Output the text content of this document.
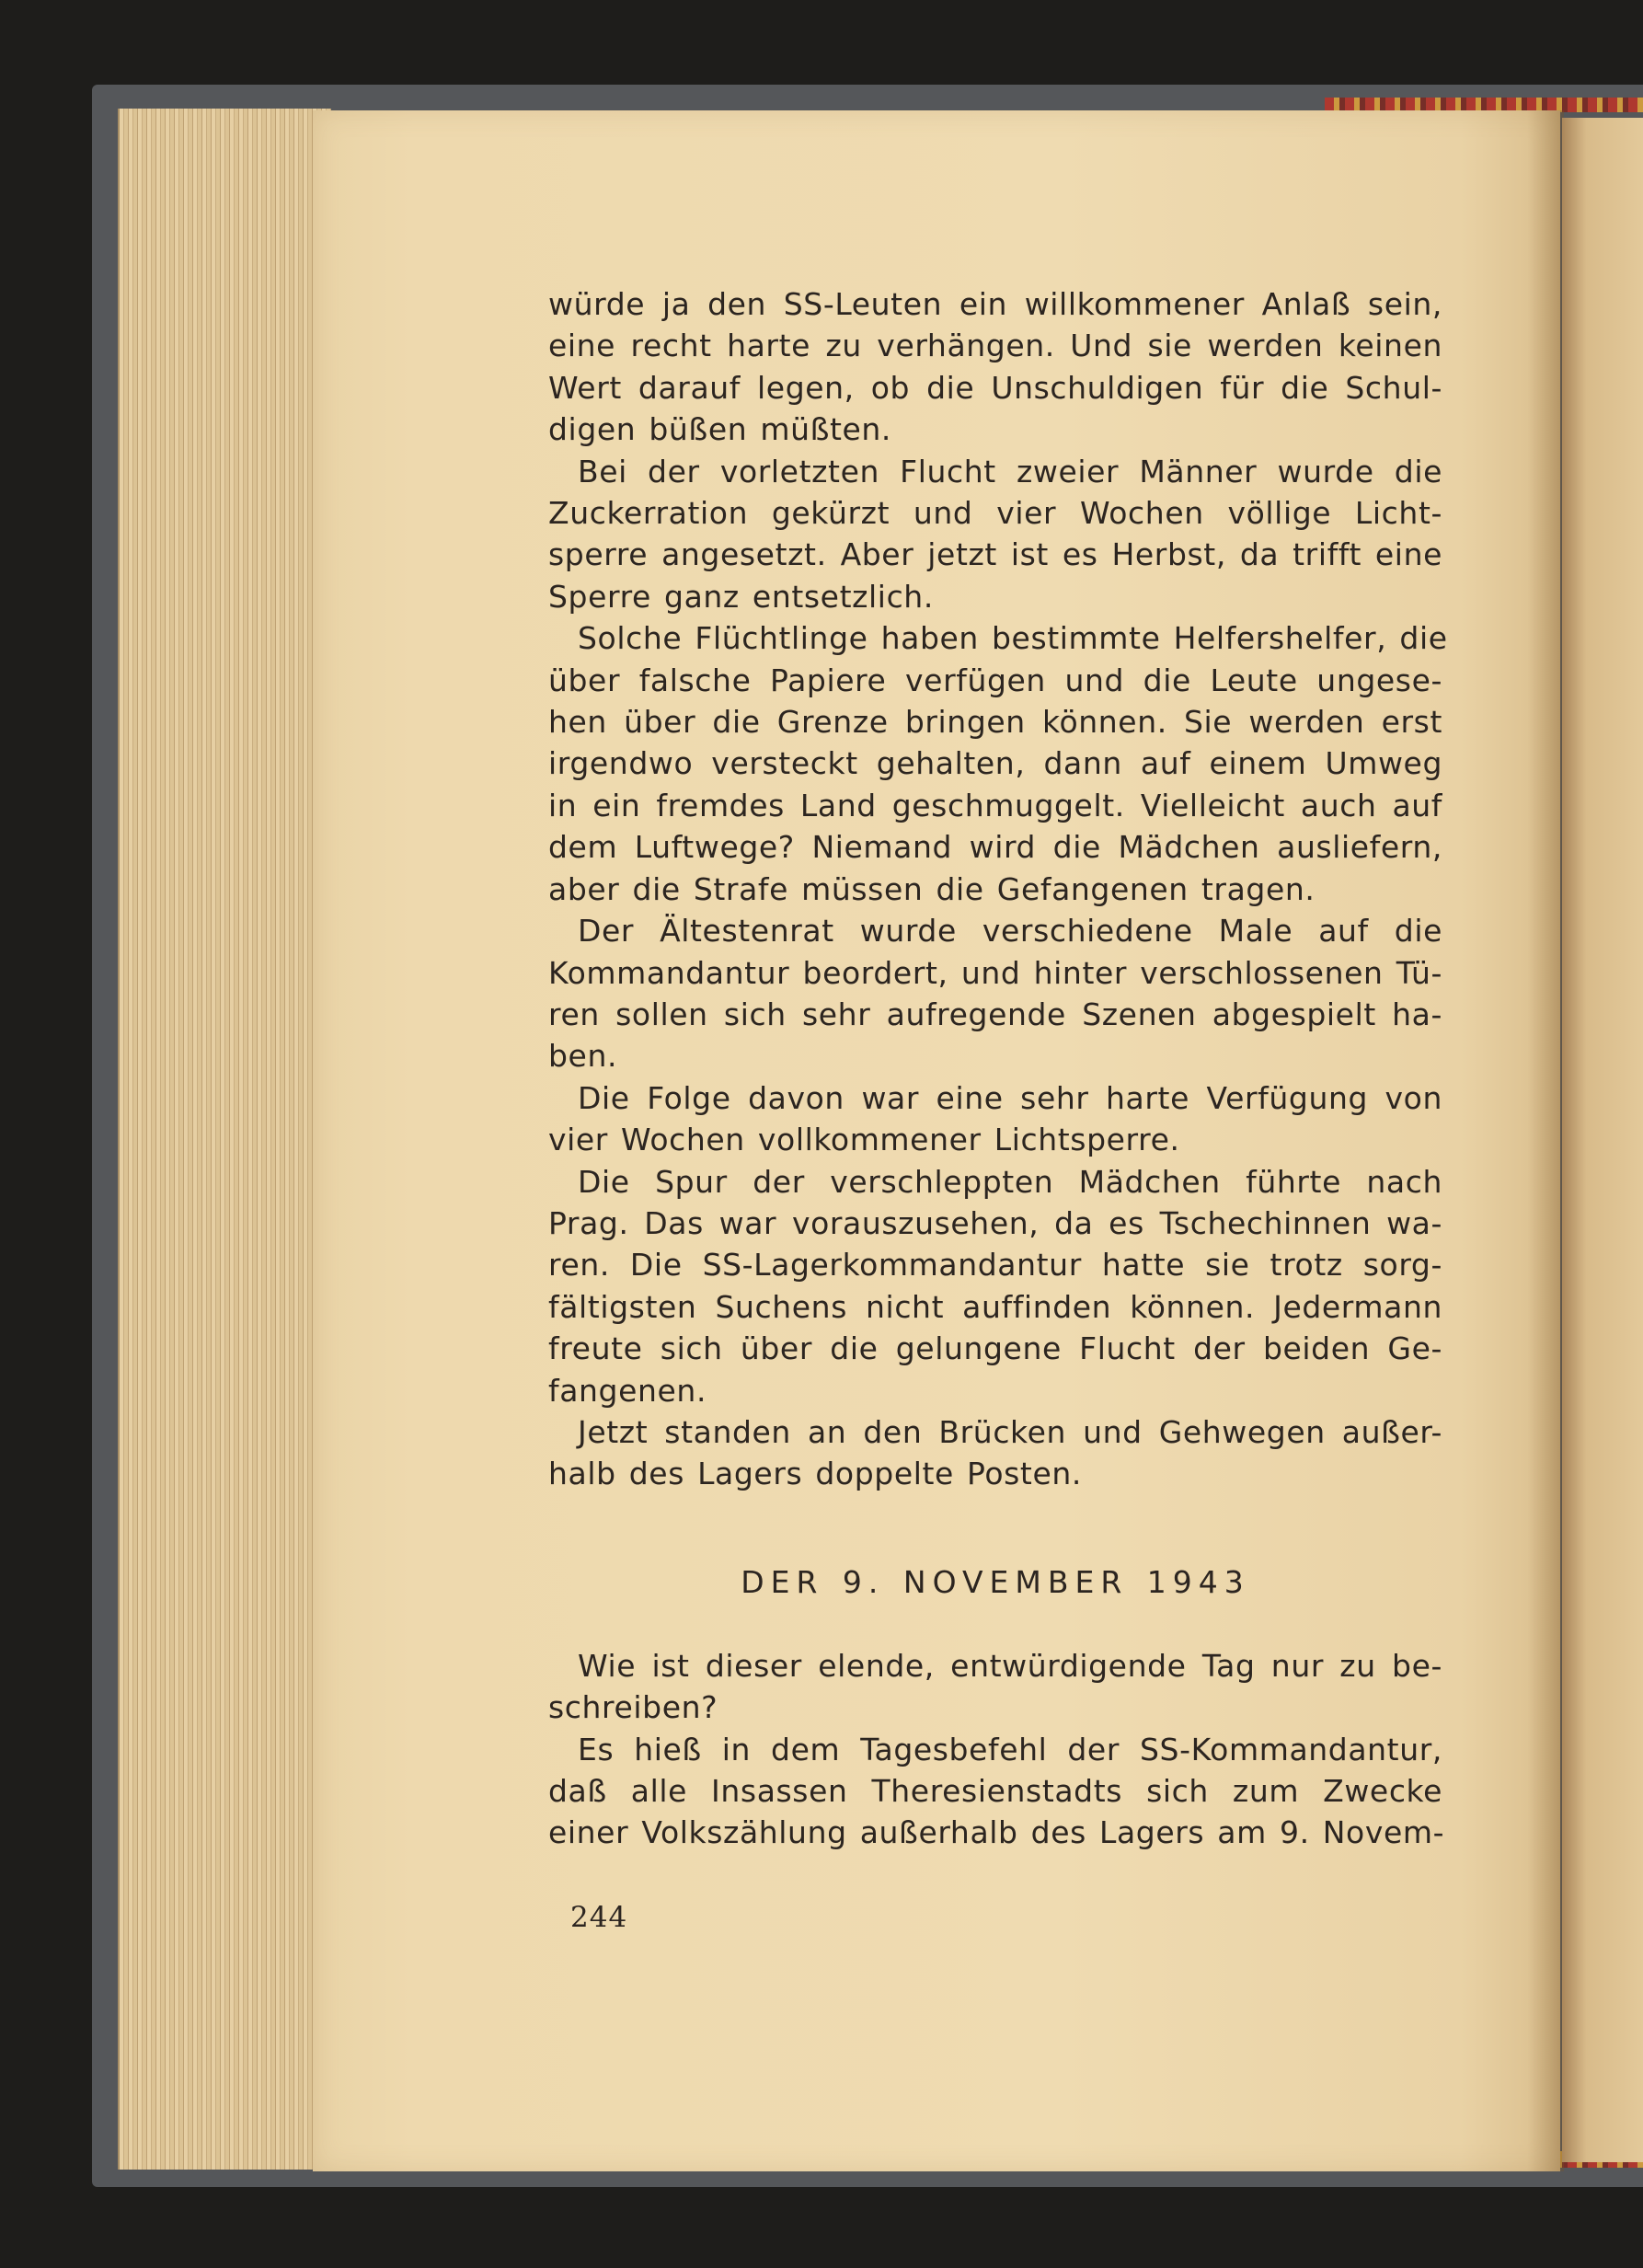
würde ja den SS-Leuten ein willkommener Anlaß sein,
eine recht harte zu verhängen. Und sie werden keinen
Wert darauf legen, ob die Unschuldigen für die Schul-
digen büßen müßten.

Bei der vorletzten Flucht zweier Männer wurde die
Zuckerration gekürzt und vier Wochen völlige Licht-
sperre angesetzt. Aber jetzt ist es Herbst, da trifft eine
Sperre ganz entsetzlich.

Solche Flüchtlinge haben bestimmte Helfershelfer, die
über falsche Papiere verfügen und die Leute ungese-
hen über die Grenze bringen können. Sie werden erst
irgendwo versteckt gehalten, dann auf einem Umweg
in ein fremdes Land geschmuggelt. Vielleicht auch auf
dem Luftwege? Niemand wird die Mädchen ausliefern,
aber die Strafe müssen die Gefangenen tragen.

Der Ältestenrat wurde verschiedene Male auf die
Kommandantur beordert, und hinter verschlossenen Tü-
ren sollen sich sehr aufregende Szenen abgespielt ha-
ben.

Die Folge davon war eine sehr harte Verfügung von
vier Wochen vollkommener Lichtsperre.

Die Spur der verschleppten Mädchen führte nach
Prag. Das war vorauszusehen, da es Tschechinnen wa-
ren. Die SS-Lagerkommandantur hatte sie trotz sorg-
fältigsten Suchens nicht auffinden können. Jedermann
freute sich über die gelungene Flucht der beiden Ge-
fangenen.

Jetzt standen an den Brücken und Gehwegen außer-
halb des Lagers doppelte Posten.

DER 9. NOVEMBER 1943

Wie ist dieser elende, entwürdigende Tag nur zu be-
schreiben?

Es hieß in dem Tagesbefehl der SS-Kommandantur,
daß alle Insassen Theresienstadts sich zum Zwecke
einer Volkszählung außerhalb des Lagers am 9. Novem-

244
